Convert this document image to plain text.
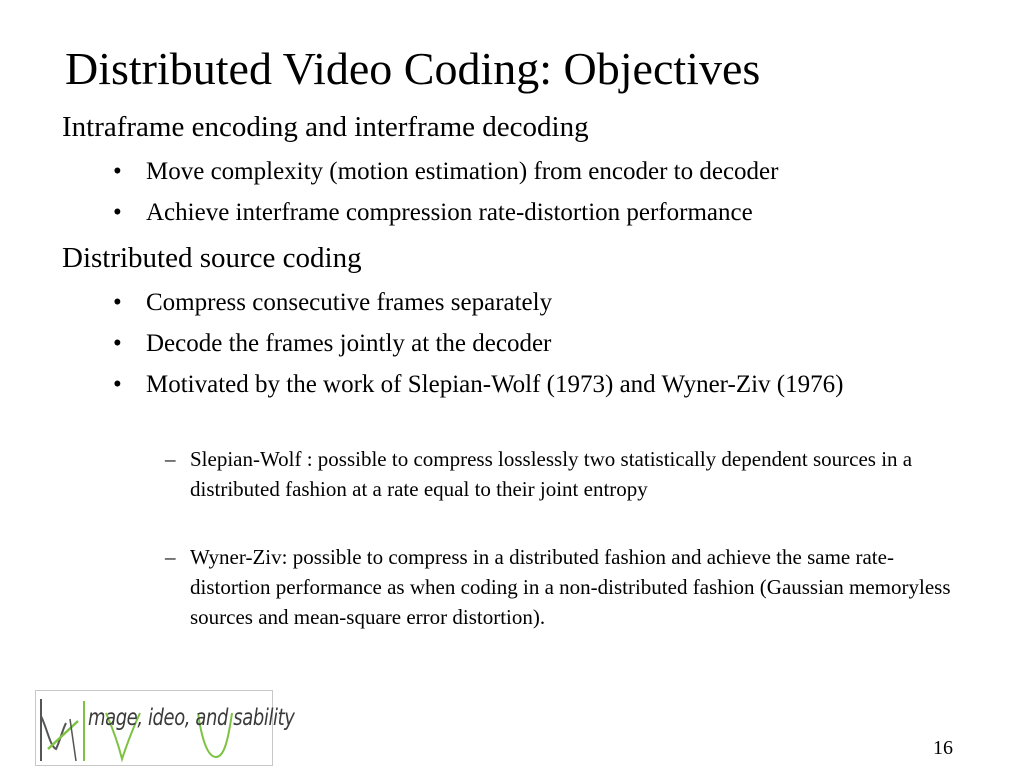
Distributed Video Coding: Objectives
Intraframe encoding and interframe decoding
• Move complexity (motion estimation) from encoder to decoder
• Achieve interframe compression rate-distortion performance
Distributed source coding
• Compress consecutive frames separately
• Decode the frames jointly at the decoder
• Motivated by the work of Slepian-Wolf (1973) and Wyner-Ziv (1976)
– Slepian-Wolf : possible to compress losslessly two statistically dependent sources in a distributed fashion at a rate equal to their joint entropy
– Wyner-Ziv: possible to compress in a distributed fashion and achieve the same rate-distortion performance as when coding in a non-distributed fashion (Gaussian memoryless sources and mean-square error distortion).
mage, ideo, and sability
16
